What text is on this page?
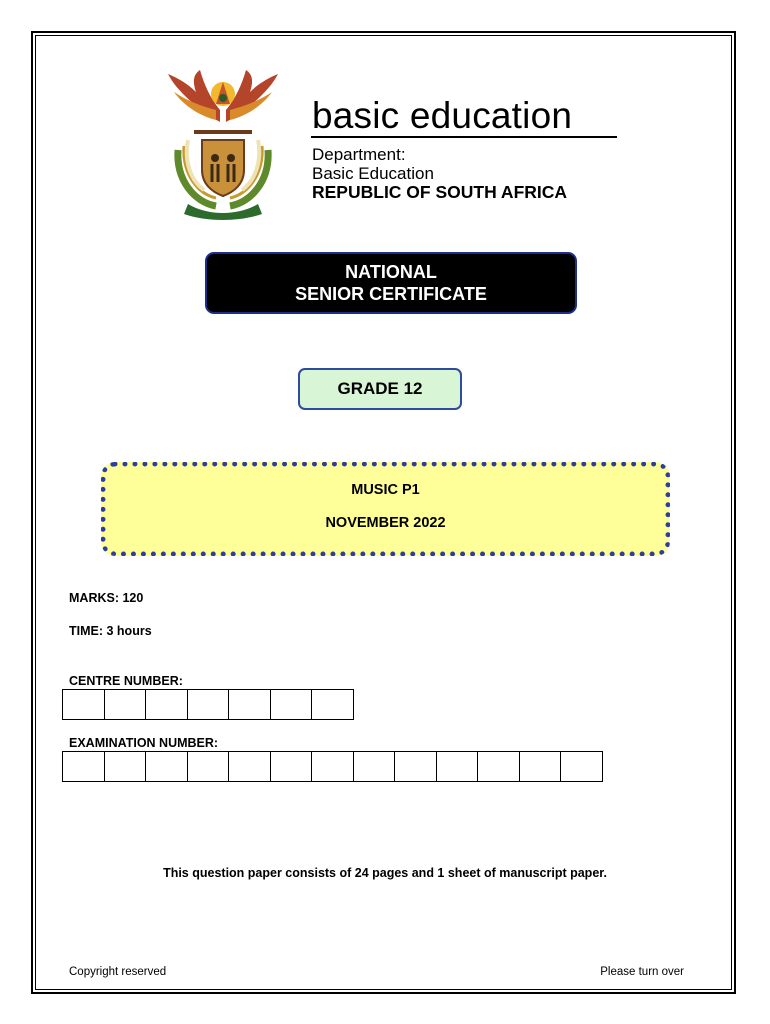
basic education
Department:
Basic Education
REPUBLIC OF SOUTH AFRICA
NATIONAL
SENIOR CERTIFICATE
GRADE 12
MUSIC P1
NOVEMBER 2022
MARKS: 120
TIME: 3 hours
CENTRE NUMBER:
EXAMINATION NUMBER:
This question paper consists of 24 pages and 1 sheet of manuscript paper.
Copyright reserved	Please turn over
